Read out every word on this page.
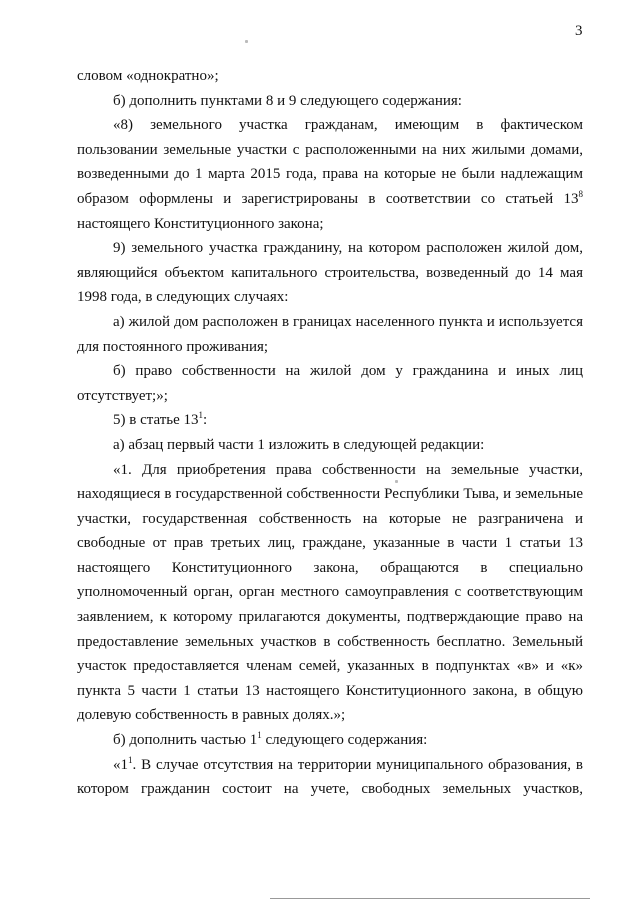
3

словом «однократно»;

б) дополнить пунктами 8 и 9 следующего содержания:

«8) земельного участка гражданам, имеющим в фактическом

пользовании земельные участки с расположенными на них жилыми домами,

возведенными до 1 марта 2015 года, права на которые не были надлежащим

образом оформлены и зарегистрированы в соответствии со статьей $13^8$

настоящего Конституционного закона;

9) земельного участка гражданину, на котором расположен жилой дом,

являющийся объектом капитального строительства, возведенный до 14 мая

1998 года, в следующих случаях:

а) жилой дом расположен в границах населенного пункта и используется

для постоянного проживания;

б) право собственности на жилой дом у гражданина и иных лиц

отсутствует;»;

5) в статье $13^1$:

а) абзац первый части 1 изложить в следующей редакции:

«1. Для приобретения права собственности на земельные участки,

находящиеся в государственной собственности Республики Тыва, и земельные

участки, государственная собственность на которые не разграничена и

свободные от прав третьих лиц, граждане, указанные в части 1 статьи 13

настоящего Конституционного закона, обращаются в специально

уполномоченный орган, орган местного самоуправления с соответствующим

заявлением, к которому прилагаются документы, подтверждающие право на

предоставление земельных участков в собственность бесплатно. Земельный

участок предоставляется членам семей, указанных в подпунктах «в» и «к»

пункта 5 части 1 статьи 13 настоящего Конституционного закона, в общую

долевую собственность в равных долях.»;

б) дополнить частью $1^1$ следующего содержания:

«$1^1$. В случае отсутствия на территории муниципального образования, в

котором гражданин состоит на учете, свободных земельных участков,
